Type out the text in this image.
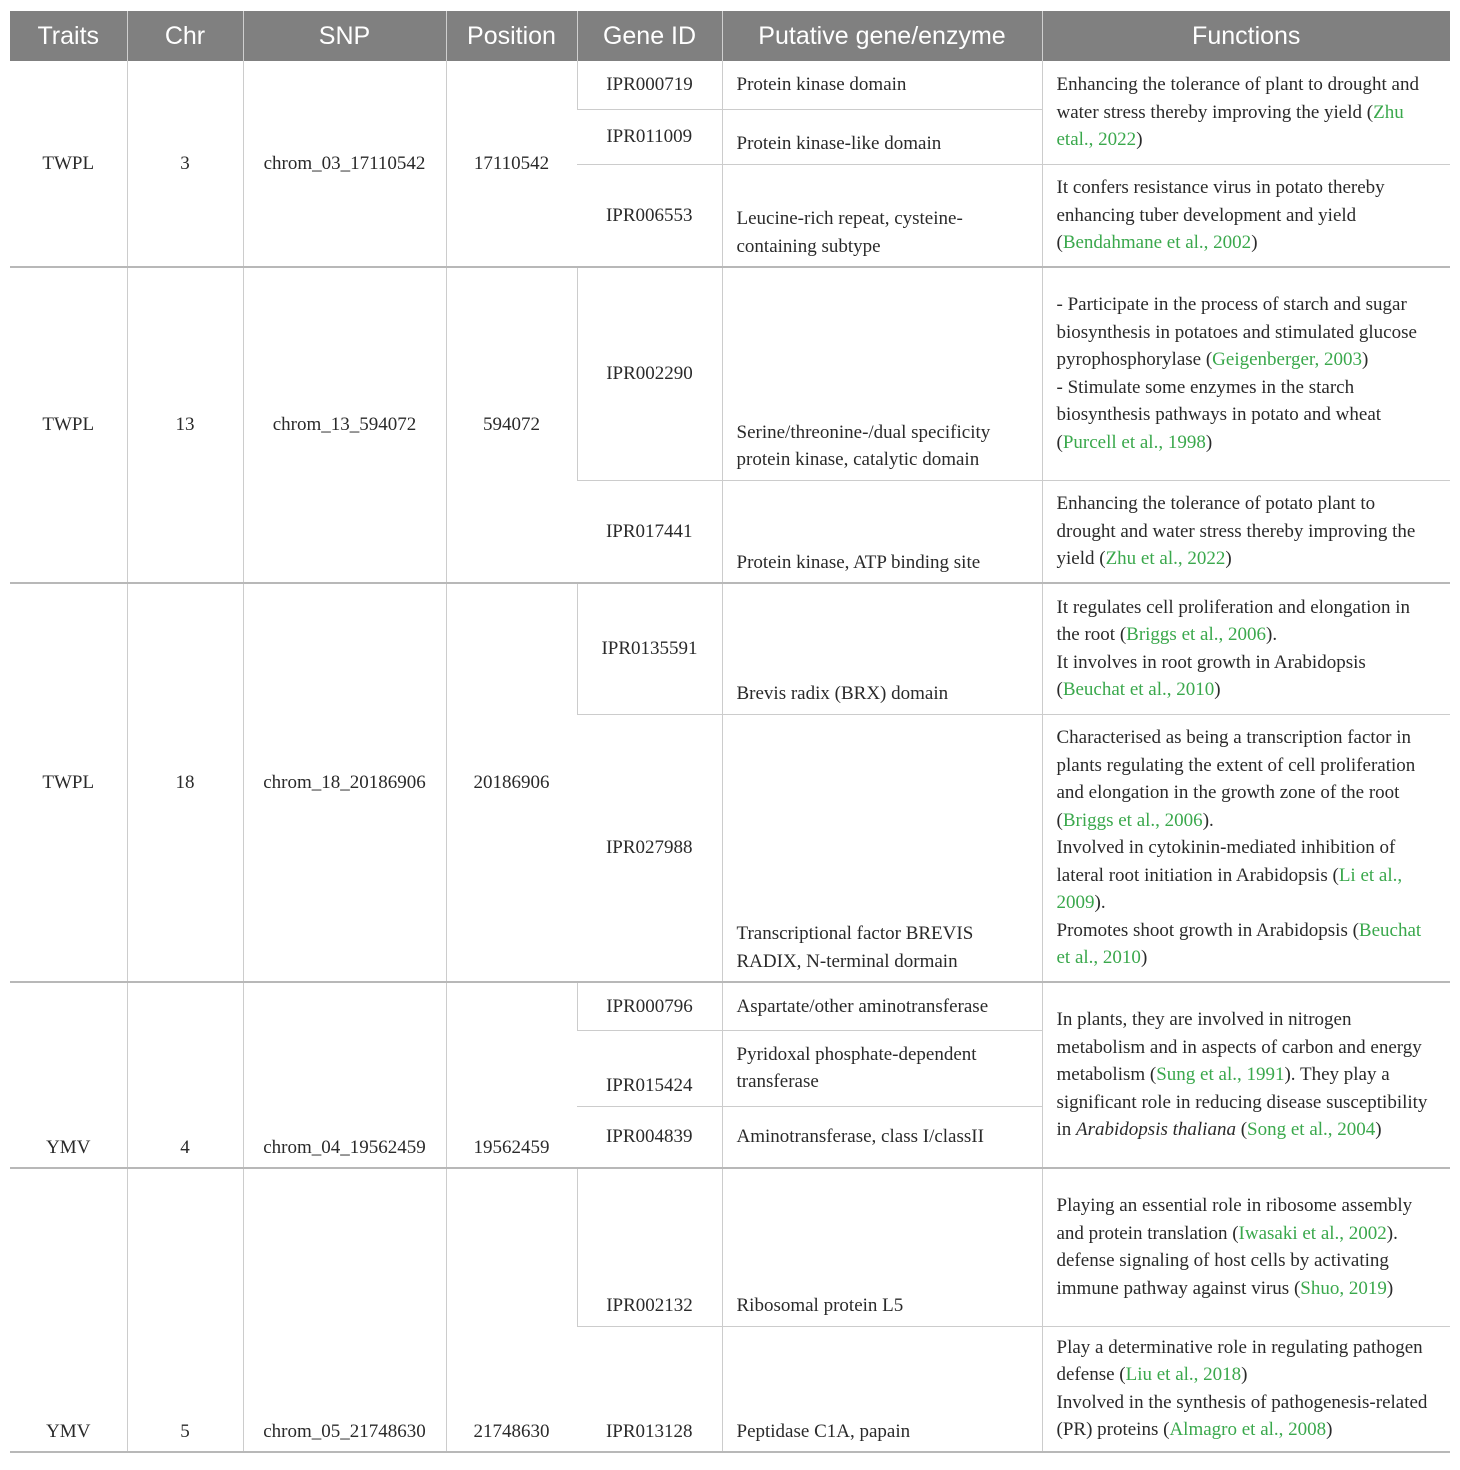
Traits	Chr	SNP	Position	Gene ID	Putative gene/enzyme	Functions
TWPL	3	chrom_03_17110542	17110542	IPR000719	Protein kinase domain	Enhancing the tolerance of plant to drought and water stress thereby improving the yield (Zhu etal., 2022)
				IPR011009	Protein kinase-like domain	
				IPR006553	Leucine-rich repeat, cysteine-containing subtype	It confers resistance virus in potato thereby enhancing tuber development and yield (Bendahmane et al., 2002)
TWPL	13	chrom_13_594072	594072	IPR002290	Serine/threonine-/dual specificity protein kinase, catalytic domain	- Participate in the process of starch and sugar biosynthesis in potatoes and stimulated glucose pyrophosphorylase (Geigenberger, 2003)
- Stimulate some enzymes in the starch biosynthesis pathways in potato and wheat (Purcell et al., 1998)
				IPR017441	Protein kinase, ATP binding site	Enhancing the tolerance of potato plant to drought and water stress thereby improving the yield (Zhu et al., 2022)
TWPL	18	chrom_18_20186906	20186906	IPR0135591	Brevis radix (BRX) domain	It regulates cell proliferation and elongation in the root (Briggs et al., 2006).
It involves in root growth in Arabidopsis (Beuchat et al., 2010)
				IPR027988	Transcriptional factor BREVIS RADIX, N-terminal dormain	Characterised as being a transcription factor in plants regulating the extent of cell proliferation and elongation in the growth zone of the root (Briggs et al., 2006).
Involved in cytokinin-mediated inhibition of lateral root initiation in Arabidopsis (Li et al., 2009).
Promotes shoot growth in Arabidopsis (Beuchat et al., 2010)
YMV	4	chrom_04_19562459	19562459	IPR000796	Aspartate/other aminotransferase	In plants, they are involved in nitrogen metabolism and in aspects of carbon and energy metabolism (Sung et al., 1991). They play a significant role in reducing disease susceptibility in Arabidopsis thaliana (Song et al., 2004)
				IPR015424	Pyridoxal phosphate-dependent transferase	
				IPR004839	Aminotransferase, class I/classII	
YMV	5	chrom_05_21748630	21748630	IPR002132	Ribosomal protein L5	Playing an essential role in ribosome assembly and protein translation (Iwasaki et al., 2002). defense signaling of host cells by activating immune pathway against virus (Shuo, 2019)
				IPR013128	Peptidase C1A, papain	Play a determinative role in regulating pathogen defense (Liu et al., 2018)
Involved in the synthesis of pathogenesis-related (PR) proteins (Almagro et al., 2008)
